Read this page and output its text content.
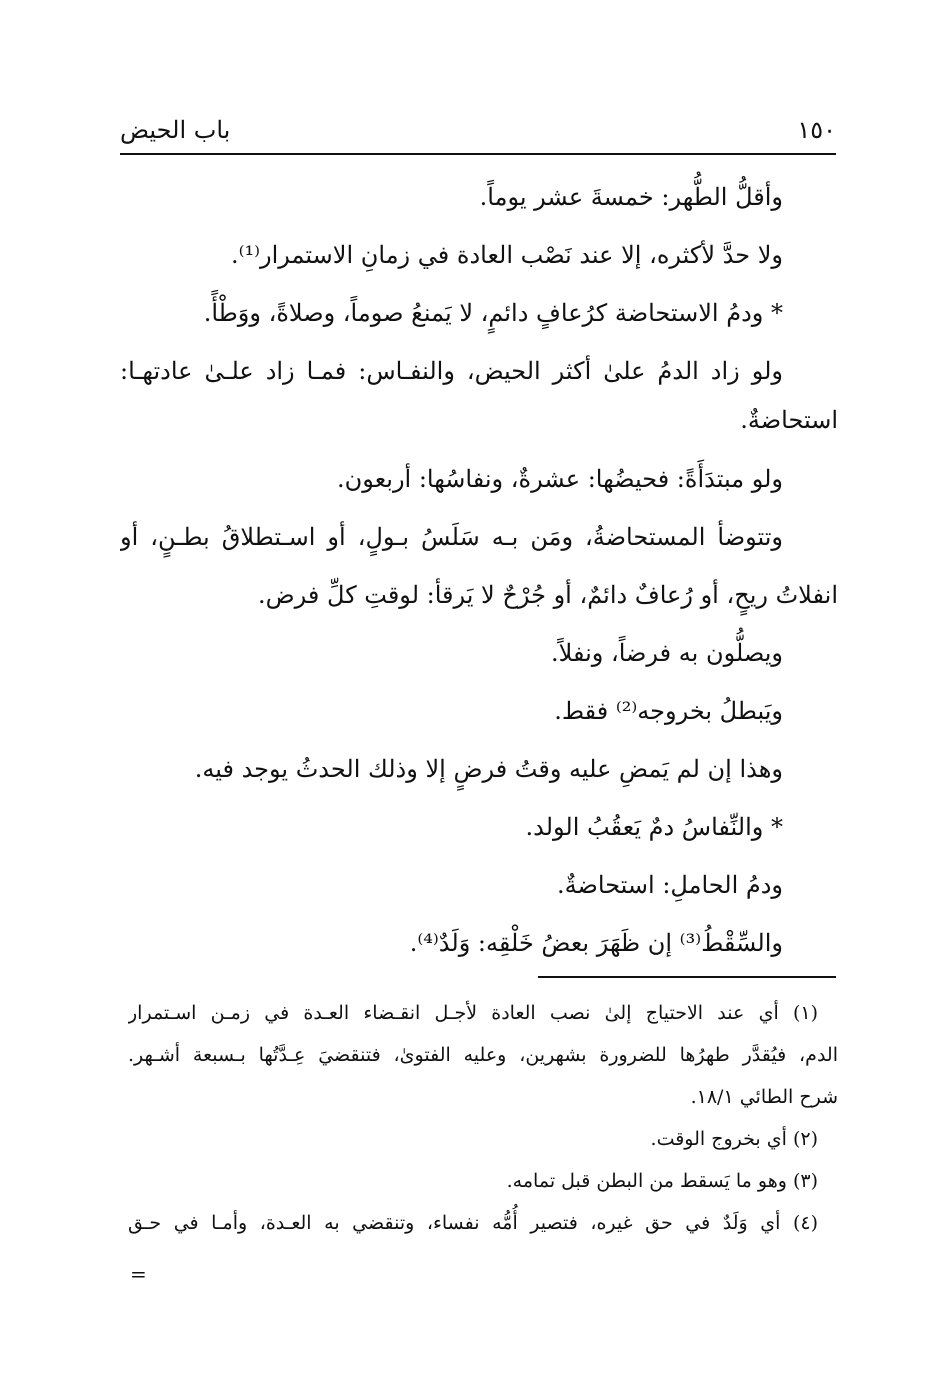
١٥٠
باب الحيض
وأقلُّ الطُّهر: خمسةَ عشر يوماً.
ولا حدَّ لأكثره، إلا عند نَصْب العادة في زمانِ الاستمرار⁽¹⁾.
* ودمُ الاستحاضة كرُعافٍ دائمٍ، لا يَمنعُ صوماً، وصلاةً، ووَطْأً.
ولو زاد الدمُ علىٰ أكثر الحيض، والنفـاس: فمـا زاد علـىٰ عادتهـا:
استحاضةٌ.
ولو مبتدَأَةً: فحيضُها: عشرةٌ، ونفاسُها: أربعون.
وتتوضأ المستحاضةُ، ومَن بـه سَلَسُ بـولٍ، أو اسـتطلاقُ بطـنٍ، أو
انفلاتُ ريحٍ، أو رُعافٌ دائمٌ، أو جُرْحٌ لا يَرقأ: لوقتِ كلِّ فرض.
ويصلُّون به فرضاً، ونفلاً.
ويَبطلُ بخروجه⁽²⁾ فقط.
وهذا إن لم يَمضِ عليه وقتُ فرضٍ إلا وذلك الحدثُ يوجد فيه.
* والنِّفاسُ دمٌ يَعقُبُ الولد.
ودمُ الحاملِ: استحاضةٌ.
والسِّقْطُ⁽³⁾ إن ظَهَرَ بعضُ خَلْقِه: وَلَدٌ⁽⁴⁾.
(١) أي عند الاحتياج إلىٰ نصب العادة لأجـل انقـضاء العـدة في زمـن اسـتمرار
الدم، فيُقدَّر طهرُها للضرورة بشهرين، وعليه الفتوىٰ، فتنقضيَ عِـدَّتُها بـسبعة أشـهر.
شرح الطائي ١٨/١.
(٢) أي بخروج الوقت.
(٣) وهو ما يَسقط من البطن قبل تمامه.
(٤) أي وَلَدٌ في حق غيره، فتصير أُمُّه نفساء، وتنقضي به العـدة، وأمـا في حـق
=
